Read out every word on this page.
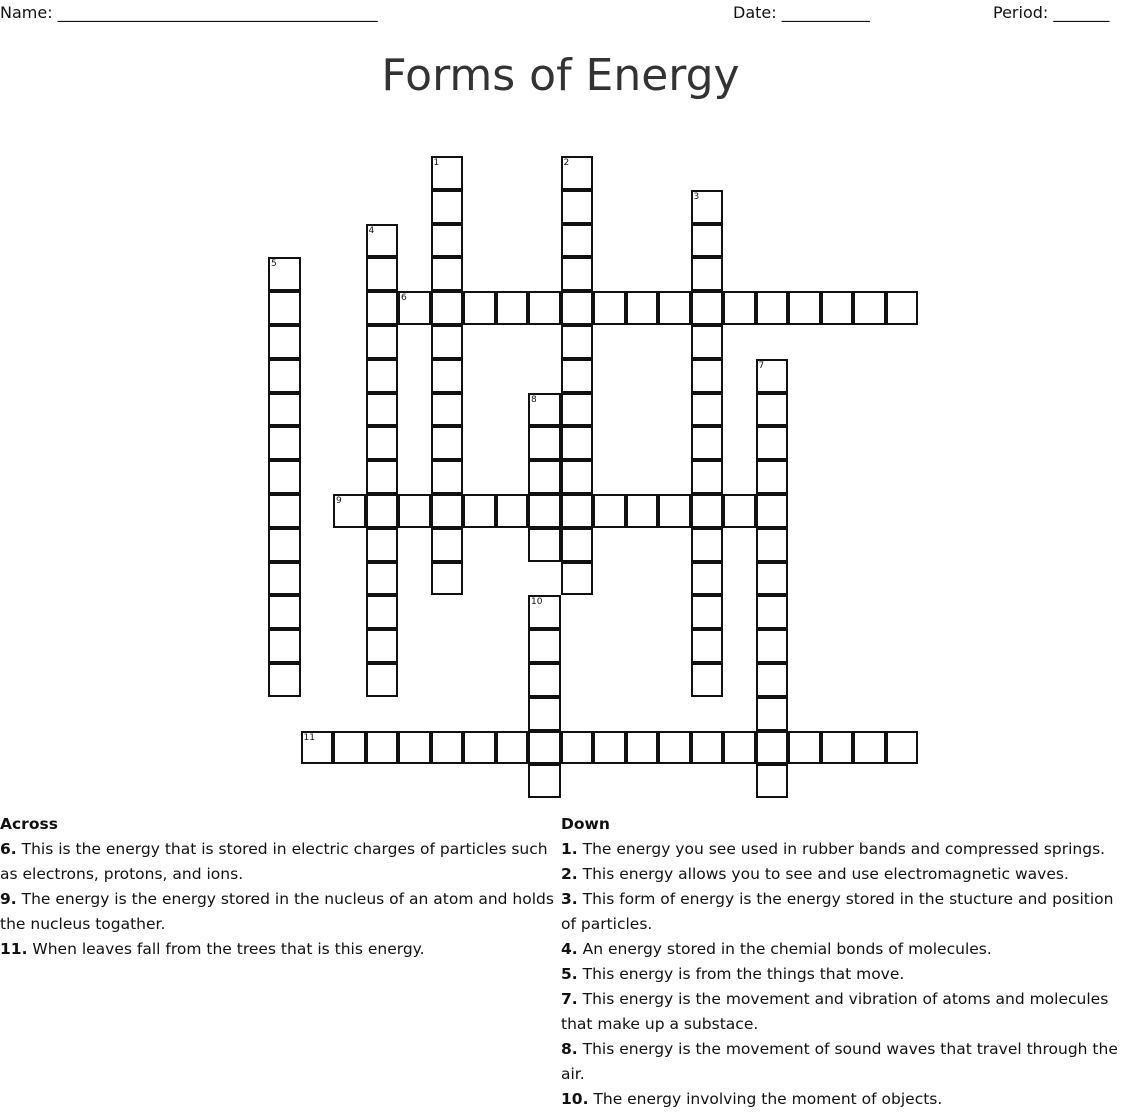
Name: ________________________________________	Date: ___________	Period: _______
Forms of Energy
1	2
3
4
5
6
7
8
9
10
11
Across
6. This is the energy that is stored in electric charges of particles such as electrons, protons, and ions.
9. The energy is the energy stored in the nucleus of an atom and holds the nucleus togather.
11. When leaves fall from the trees that is this energy.
Down
1. The energy you see used in rubber bands and compressed springs.
2. This energy allows you to see and use electromagnetic waves.
3. This form of energy is the energy stored in the stucture and position of particles.
4. An energy stored in the chemial bonds of molecules.
5. This energy is from the things that move.
7. This energy is the movement and vibration of atoms and molecules that make up a substace.
8. This energy is the movement of sound waves that travel through the air.
10. The energy involving the moment of objects.
